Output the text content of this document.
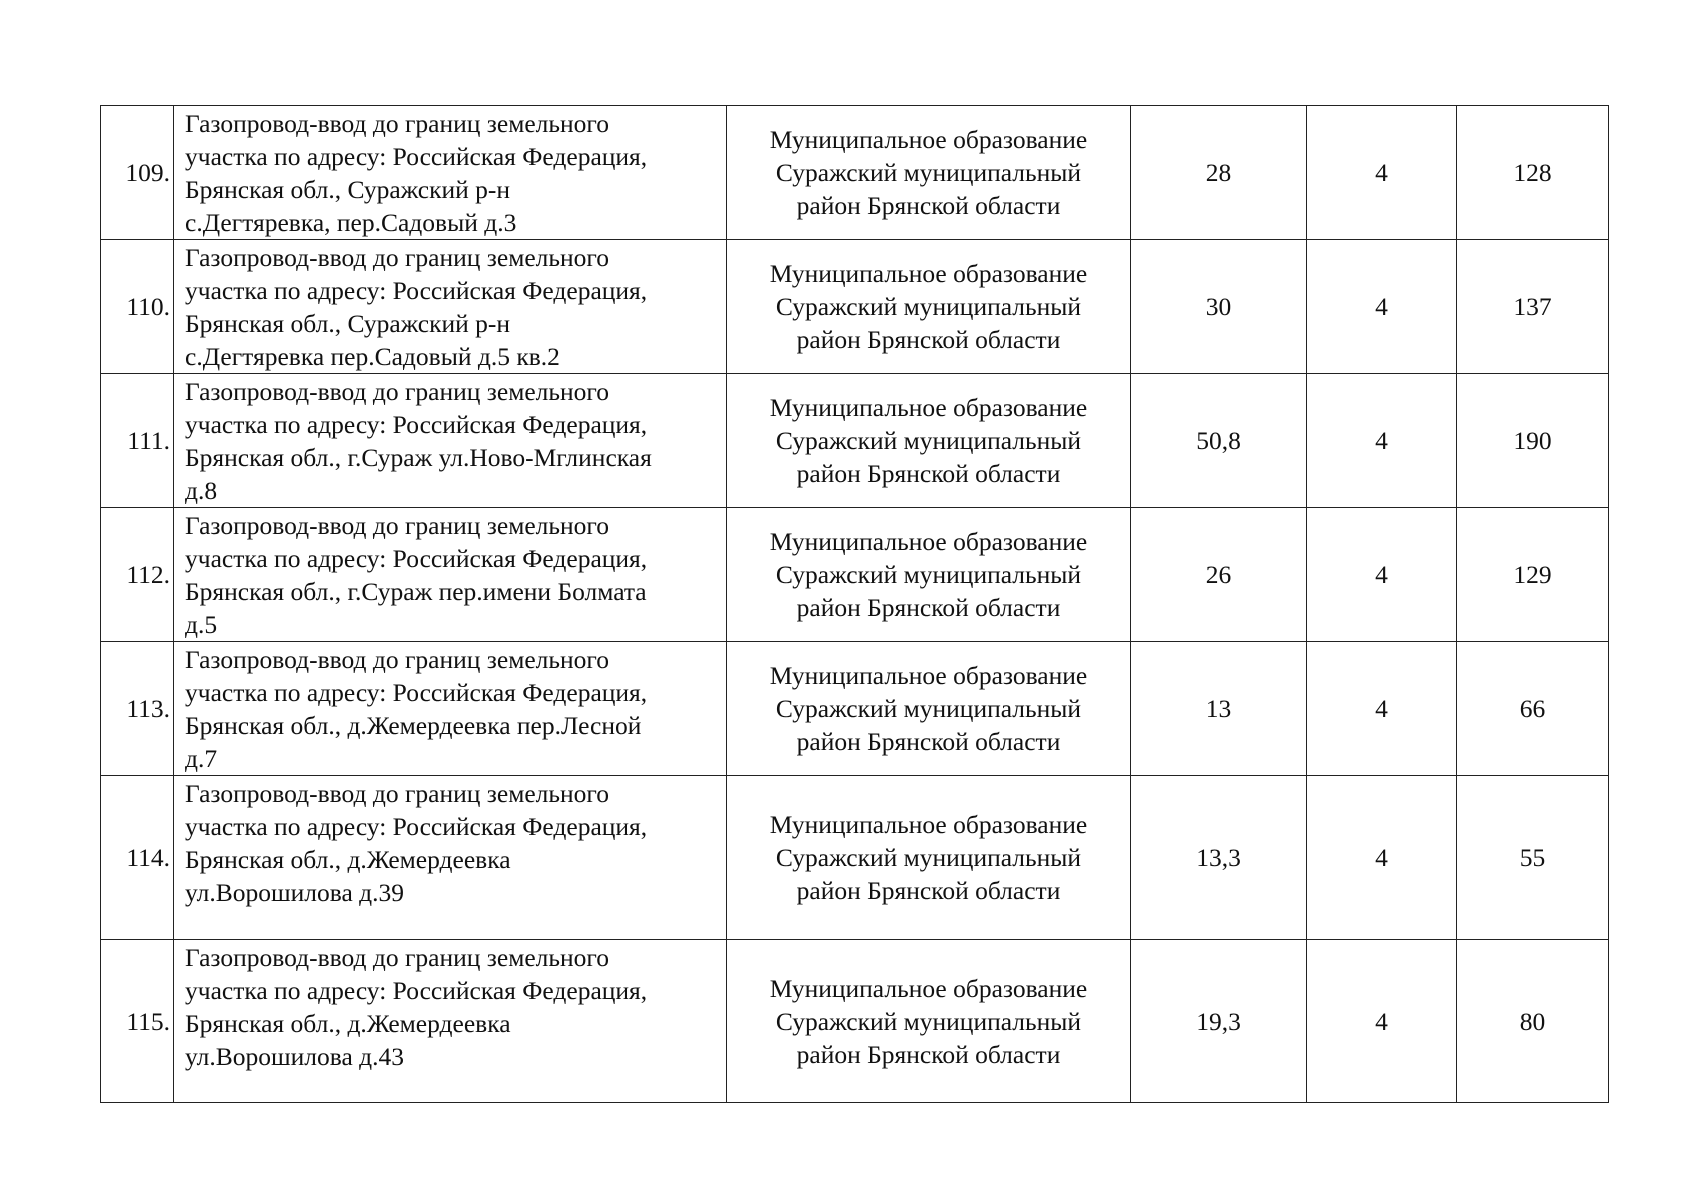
109.	Газопровод-ввод до границ земельного
участка по адресу: Российская Федерация,
Брянская обл., Суражский р-н
с.Дегтяревка, пер.Садовый д.3	Муниципальное образование
Суражский муниципальный
район Брянской области	28	4	128
110.	Газопровод-ввод до границ земельного
участка по адресу: Российская Федерация,
Брянская обл., Суражский р-н
с.Дегтяревка пер.Садовый д.5 кв.2	Муниципальное образование
Суражский муниципальный
район Брянской области	30	4	137
111.	Газопровод-ввод до границ земельного
участка по адресу: Российская Федерация,
Брянская обл., г.Сураж ул.Ново-Мглинская
д.8	Муниципальное образование
Суражский муниципальный
район Брянской области	50,8	4	190
112.	Газопровод-ввод до границ земельного
участка по адресу: Российская Федерация,
Брянская обл., г.Сураж пер.имени Болмата
д.5	Муниципальное образование
Суражский муниципальный
район Брянской области	26	4	129
113.	Газопровод-ввод до границ земельного
участка по адресу: Российская Федерация,
Брянская обл., д.Жемердеевка пер.Лесной
д.7	Муниципальное образование
Суражский муниципальный
район Брянской области	13	4	66
114.	Газопровод-ввод до границ земельного
участка по адресу: Российская Федерация,
Брянская обл., д.Жемердеевка
ул.Ворошилова д.39	Муниципальное образование
Суражский муниципальный
район Брянской области	13,3	4	55
115.	Газопровод-ввод до границ земельного
участка по адресу: Российская Федерация,
Брянская обл., д.Жемердеевка
ул.Ворошилова д.43	Муниципальное образование
Суражский муниципальный
район Брянской области	19,3	4	80
